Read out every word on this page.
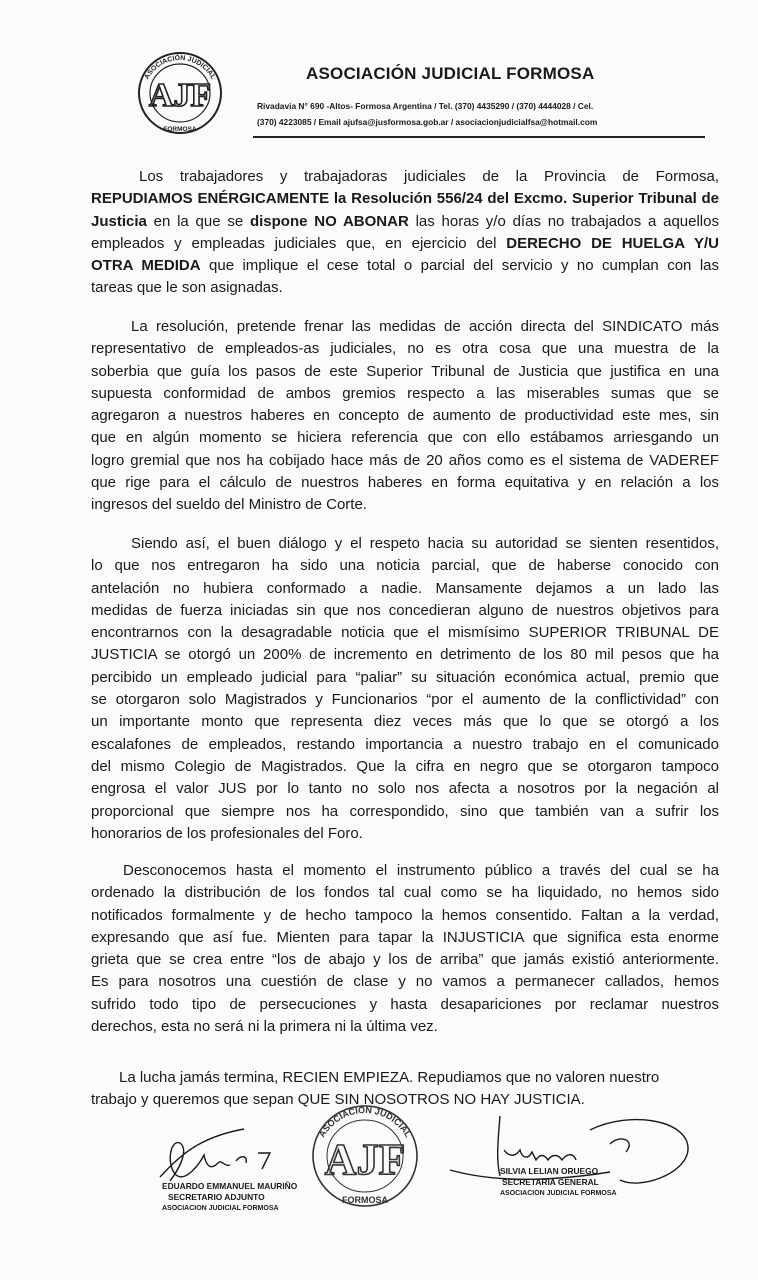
ASOCIACIÓN JUDICIAL
AJF
FORMOSA
ASOCIACIÓN JUDICIAL FORMOSA
Rivadavia N° 690 -Altos- Formosa Argentina / Tel. (370) 4435290 / (370) 4444028 / Cel.
(370) 4223085 / Email ajufsa@jusformosa.gob.ar / asociacionjudicialfsa@hotmail.com
Los trabajadores y trabajadoras judiciales de la Provincia de Formosa,
REPUDIAMOS ENÉRGICAMENTE la Resolución 556/24 del Excmo. Superior Tribunal de
Justicia en la que se dispone NO ABONAR las horas y/o días no trabajados a aquellos
empleados y empleadas judiciales que, en ejercicio del DERECHO DE HUELGA Y/U
OTRA MEDIDA que implique el cese total o parcial del servicio y no cumplan con las
tareas que le son asignadas.
La resolución, pretende frenar las medidas de acción directa del SINDICATO más
representativo de empleados-as judiciales, no es otra cosa que una muestra de la
soberbia que guía los pasos de este Superior Tribunal de Justicia que justifica en una
supuesta conformidad de ambos gremios respecto a las miserables sumas que se
agregaron a nuestros haberes en concepto de aumento de productividad este mes, sin
que en algún momento se hiciera referencia que con ello estábamos arriesgando un
logro gremial que nos ha cobijado hace más de 20 años como es el sistema de VADEREF
que rige para el cálculo de nuestros haberes en forma equitativa y en relación a los
ingresos del sueldo del Ministro de Corte.
Siendo así, el buen diálogo y el respeto hacia su autoridad se sienten resentidos,
lo que nos entregaron ha sido una noticia parcial, que de haberse conocido con
antelación no hubiera conformado a nadie. Mansamente dejamos a un lado las
medidas de fuerza iniciadas sin que nos concedieran alguno de nuestros objetivos para
encontrarnos con la desagradable noticia que el mismísimo SUPERIOR TRIBUNAL DE
JUSTICIA se otorgó un 200% de incremento en detrimento de los 80 mil pesos que ha
percibido un empleado judicial para “paliar” su situación económica actual, premio que
se otorgaron solo Magistrados y Funcionarios “por el aumento de la conflictividad” con
un importante monto que representa diez veces más que lo que se otorgó a los
escalafones de empleados, restando importancia a nuestro trabajo en el comunicado
del mismo Colegio de Magistrados. Que la cifra en negro que se otorgaron tampoco
engrosa el valor JUS por lo tanto no solo nos afecta a nosotros por la negación al
proporcional que siempre nos ha correspondido, sino que también van a sufrir los
honorarios de los profesionales del Foro.
Desconocemos hasta el momento el instrumento público a través del cual se ha
ordenado la distribución de los fondos tal cual como se ha liquidado, no hemos sido
notificados formalmente y de hecho tampoco la hemos consentido. Faltan a la verdad,
expresando que así fue. Mienten para tapar la INJUSTICIA que significa esta enorme
grieta que se crea entre “los de abajo y los de arriba” que jamás existió anteriormente.
Es para nosotros una cuestión de clase y no vamos a permanecer callados, hemos
sufrido todo tipo de persecuciones y hasta desapariciones por reclamar nuestros
derechos, esta no será ni la primera ni la última vez.
La lucha jamás termina, RECIEN EMPIEZA. Repudiamos que no valoren nuestro
trabajo y queremos que sepan QUE SIN NOSOTROS NO HAY JUSTICIA.
EDUARDO EMMANUEL MAURIÑO
SECRETARIO ADJUNTO
ASOCIACION JUDICIAL FORMOSA
ASOCIACIÓN JUDICIAL
AJF
FORMOSA
SILVIA LELIAN ORUEGO
SECRETARIA GENERAL
ASOCIACION JUDICIAL FORMOSA
